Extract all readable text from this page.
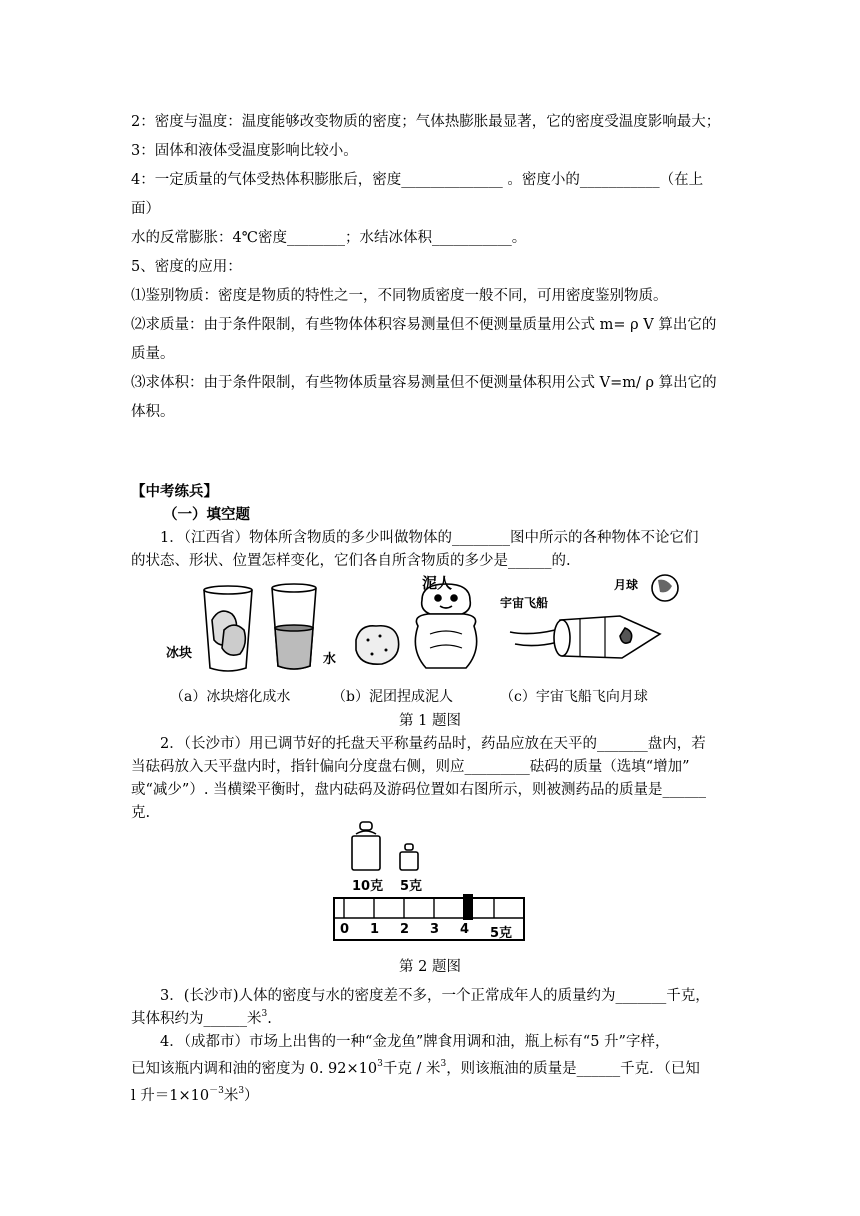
2：密度与温度：温度能够改变物质的密度；气体热膨胀最显著，它的密度受温度影响最大；
3：固体和液体受温度影响比较小。
4：一定质量的气体受热体积膨胀后，密度______________ 。密度小的___________（在上
面）
水的反常膨胀：4℃密度________；水结冰体积___________。
5、密度的应用：
⑴鉴别物质：密度是物质的特性之一，不同物质密度一般不同，可用密度鉴别物质。
⑵求质量：由于条件限制，有些物体体积容易测量但不便测量质量用公式 m= ρ V 算出它的
质量。
⑶求体积：由于条件限制，有些物体质量容易测量但不便测量体积用公式 V=m/ ρ 算出它的
体积。
【中考练兵】
（一）填空题
1．（江西省）物体所含物质的多少叫做物体的________图中所示的各种物体不论它们
的状态、形状、位置怎样变化，它们各自所含物质的多少是______的.
冰块	水
泥人
宇宙飞船
月球
（a）冰块熔化成水	（b）泥团捏成泥人	（c）宇宙飞船飞向月球
第 1 题图
2．（长沙市）用已调节好的托盘天平称量药品时，药品应放在天平的_______盘内，若
当砝码放入天平盘内时，指针偏向分度盘右侧，则应_________砝码的质量（选填“增加”
或“减少”）. 当横梁平衡时，盘内砝码及游码位置如右图所示，则被测药品的质量是______
克.
10克 5克
0 1 2 3 4 5克
第 2 题图
3．(长沙市)人体的密度与水的密度差不多，一个正常成年人的质量约为_______千克，
其体积约为______米$^3$.
4．（成都市）市场上出售的一种“金龙鱼”牌食用调和油，瓶上标有“5 升”字样，
已知该瓶内调和油的密度为 0. $92\times 10^3$千克 / 米$^3$，则该瓶油的质量是______千克．（已知
l 升$=1\times 10^{-3}$米$^3$）
